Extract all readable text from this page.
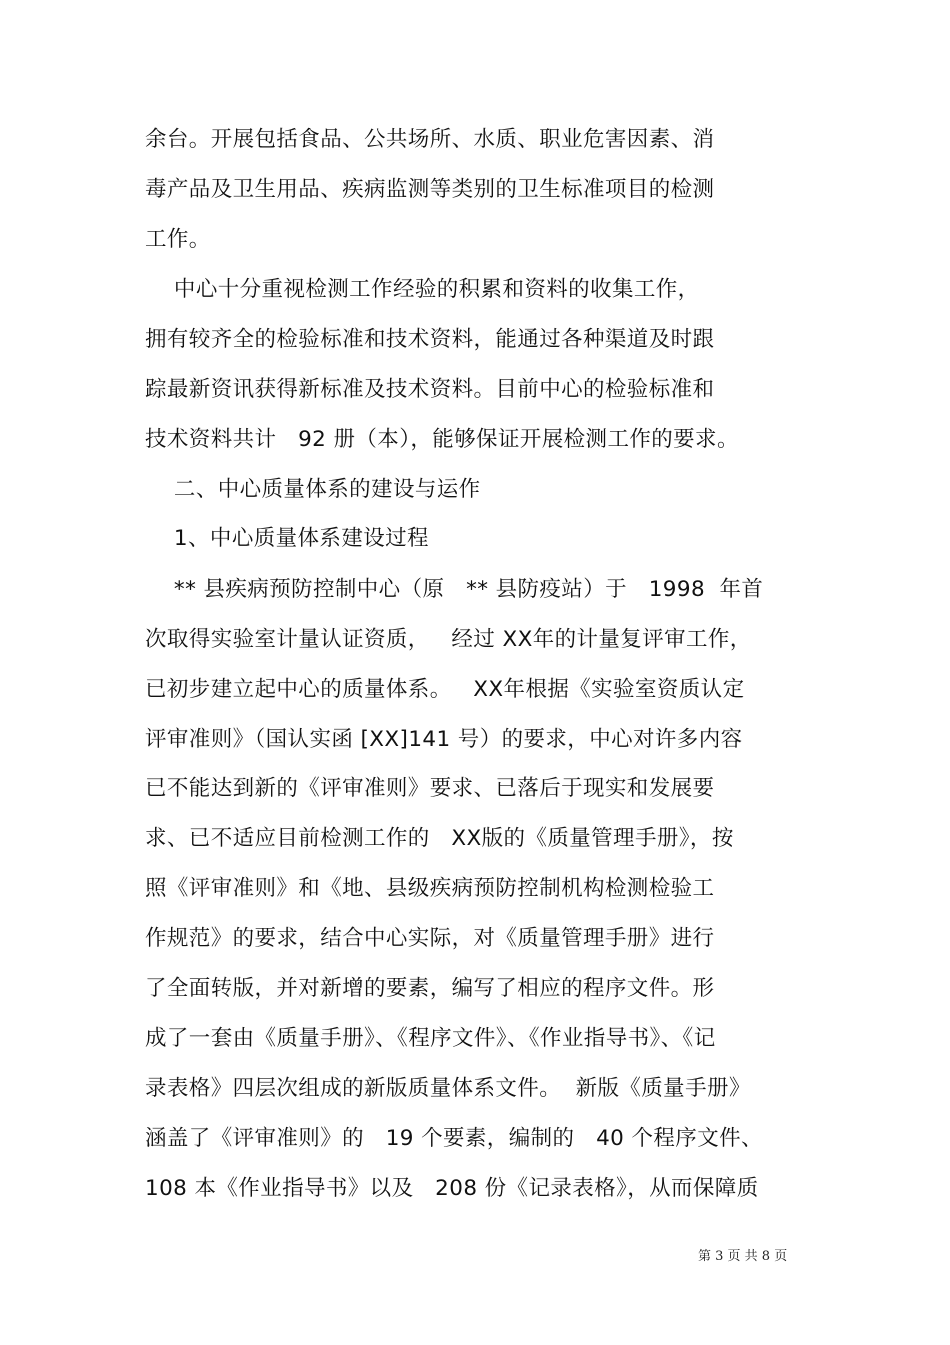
余台。开展包括食品、公共场所、水质、职业危害因素、消
毒产品及卫生用品、疾病监测等类别的卫生标准项目的检测
工作。
中心十分重视检测工作经验的积累和资料的收集工作，
拥有较齐全的检验标准和技术资料，能通过各种渠道及时跟
踪最新资讯获得新标准及技术资料。目前中心的检验标准和
技术资料共计   92 册（本），能够保证开展检测工作的要求。
二、中心质量体系的建设与运作
1、中心质量体系建设过程
** 县疾病预防控制中心（原   ** 县防疫站）于   1998  年首
次取得实验室计量认证资质，   经过 XX年的计量复评审工作，
已初步建立起中心的质量体系。   XX年根据《实验室资质认定
评审准则》（国认实函 [XX]141 号）的要求，中心对许多内容
已不能达到新的《评审准则》要求、已落后于现实和发展要
求、已不适应目前检测工作的   XX版的《质量管理手册》，按
照《评审准则》和《地、县级疾病预防控制机构检测检验工
作规范》的要求，结合中心实际，对《质量管理手册》进行
了全面转版，并对新增的要素，编写了相应的程序文件。形
成了一套由《质量手册》、《程序文件》、《作业指导书》、《记
录表格》四层次组成的新版质量体系文件。  新版《质量手册》
涵盖了《评审准则》的   19 个要素，编制的   40 个程序文件、
108 本《作业指导书》以及   208 份《记录表格》，从而保障质
第 3 页 共 8 页
